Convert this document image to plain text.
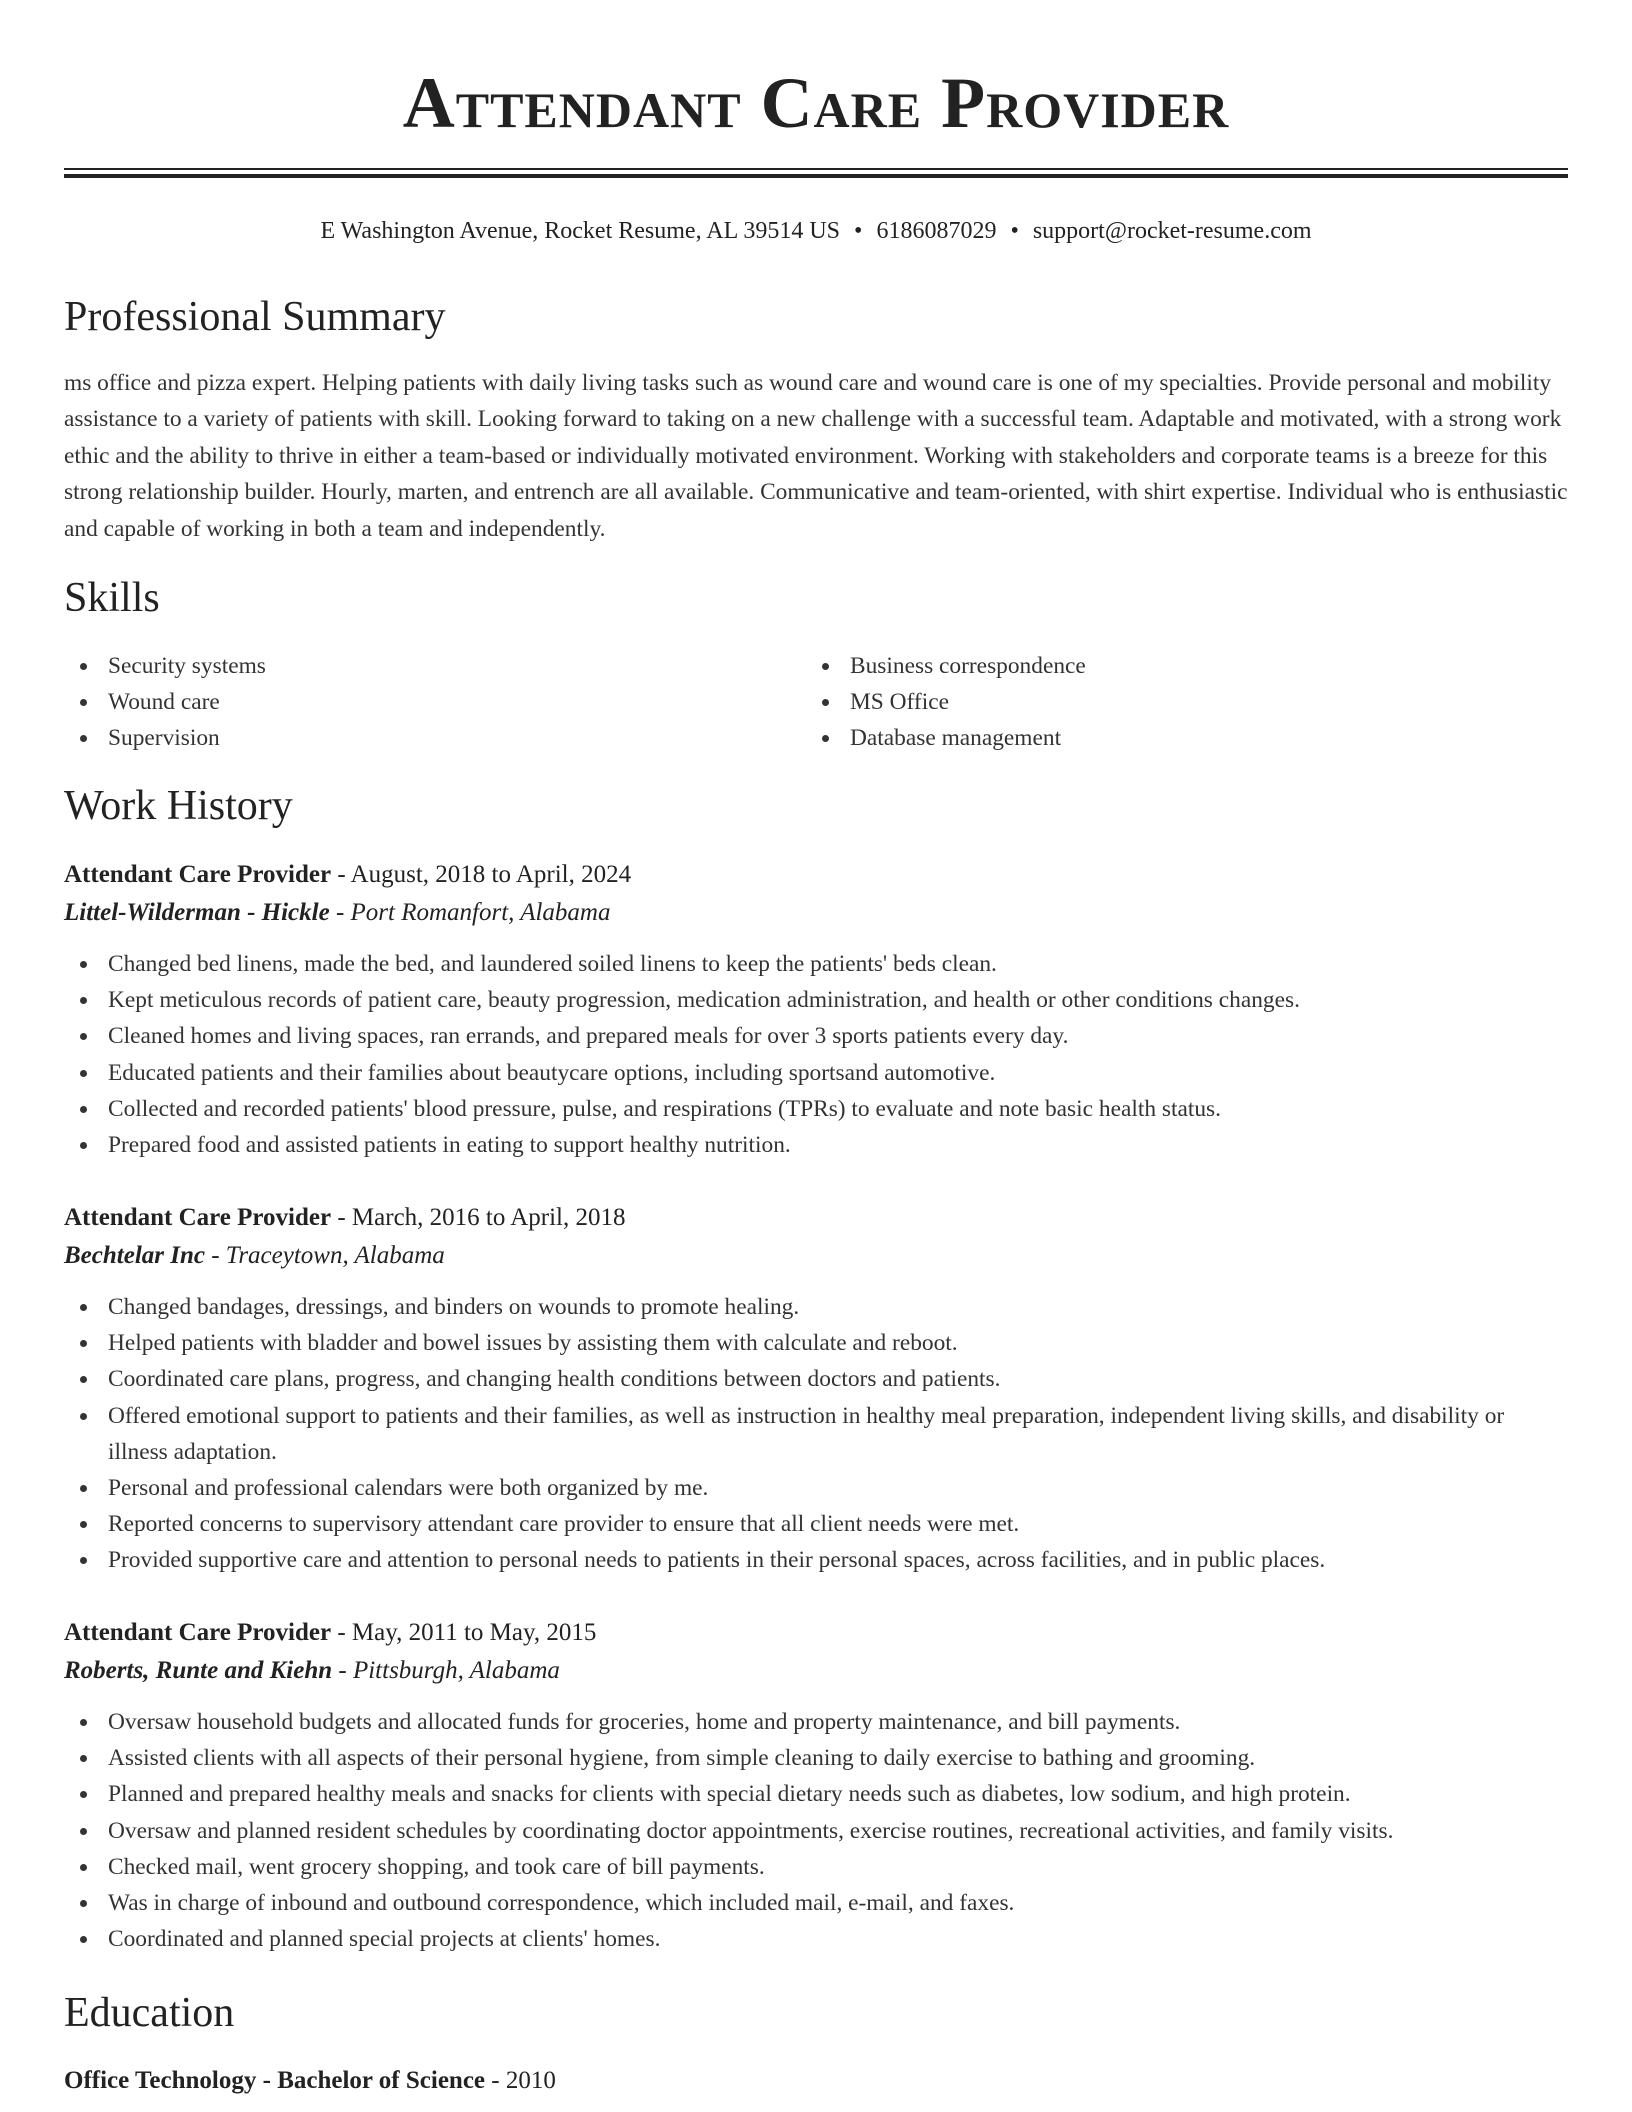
Attendant Care Provider
E Washington Avenue, Rocket Resume, AL 39514 US • 6186087029 • support@rocket-resume.com
Professional Summary
ms office and pizza expert. Helping patients with daily living tasks such as wound care and wound care is one of my specialties. Provide personal and mobility assistance to a variety of patients with skill. Looking forward to taking on a new challenge with a successful team. Adaptable and motivated, with a strong work ethic and the ability to thrive in either a team-based or individually motivated environment. Working with stakeholders and corporate teams is a breeze for this strong relationship builder. Hourly, marten, and entrench are all available. Communicative and team-oriented, with shirt expertise. Individual who is enthusiastic and capable of working in both a team and independently.
Skills
Security systems
Wound care
Supervision
Business correspondence
MS Office
Database management
Work History
Attendant Care Provider - August, 2018 to April, 2024
Littel-Wilderman - Hickle - Port Romanfort, Alabama
Changed bed linens, made the bed, and laundered soiled linens to keep the patients' beds clean.
Kept meticulous records of patient care, beauty progression, medication administration, and health or other conditions changes.
Cleaned homes and living spaces, ran errands, and prepared meals for over 3 sports patients every day.
Educated patients and their families about beautycare options, including sportsand automotive.
Collected and recorded patients' blood pressure, pulse, and respirations (TPRs) to evaluate and note basic health status.
Prepared food and assisted patients in eating to support healthy nutrition.
Attendant Care Provider - March, 2016 to April, 2018
Bechtelar Inc - Traceytown, Alabama
Changed bandages, dressings, and binders on wounds to promote healing.
Helped patients with bladder and bowel issues by assisting them with calculate and reboot.
Coordinated care plans, progress, and changing health conditions between doctors and patients.
Offered emotional support to patients and their families, as well as instruction in healthy meal preparation, independent living skills, and disability or illness adaptation.
Personal and professional calendars were both organized by me.
Reported concerns to supervisory attendant care provider to ensure that all client needs were met.
Provided supportive care and attention to personal needs to patients in their personal spaces, across facilities, and in public places.
Attendant Care Provider - May, 2011 to May, 2015
Roberts, Runte and Kiehn - Pittsburgh, Alabama
Oversaw household budgets and allocated funds for groceries, home and property maintenance, and bill payments.
Assisted clients with all aspects of their personal hygiene, from simple cleaning to daily exercise to bathing and grooming.
Planned and prepared healthy meals and snacks for clients with special dietary needs such as diabetes, low sodium, and high protein.
Oversaw and planned resident schedules by coordinating doctor appointments, exercise routines, recreational activities, and family visits.
Checked mail, went grocery shopping, and took care of bill payments.
Was in charge of inbound and outbound correspondence, which included mail, e-mail, and faxes.
Coordinated and planned special projects at clients' homes.
Education
Office Technology - Bachelor of Science - 2010
